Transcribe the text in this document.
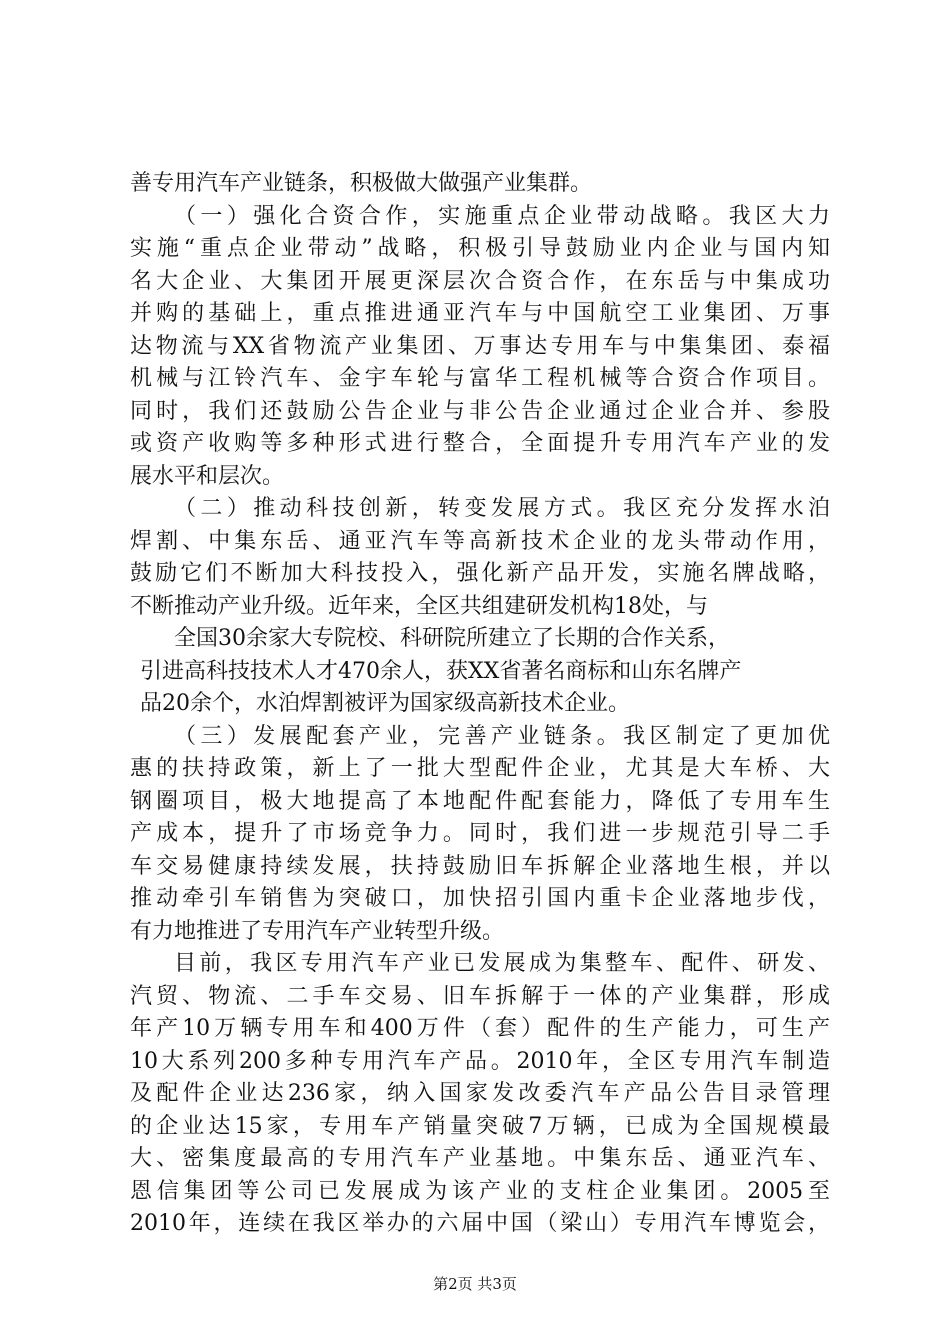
善专用汽车产业链条，积极做大做强产业集群。
（一）强化合资合作，实施重点企业带动战略。我区大力
实施“重点企业带动”战略，积极引导鼓励业内企业与国内知
名大企业、大集团开展更深层次合资合作，在东岳与中集成功
并购的基础上，重点推进通亚汽车与中国航空工业集团、万事
达物流与XX省物流产业集团、万事达专用车与中集集团、泰福
机械与江铃汽车、金宇车轮与富华工程机械等合资合作项目。
同时，我们还鼓励公告企业与非公告企业通过企业合并、参股
或资产收购等多种形式进行整合，全面提升专用汽车产业的发
展水平和层次。
（二）推动科技创新，转变发展方式。我区充分发挥水泊
焊割、中集东岳、通亚汽车等高新技术企业的龙头带动作用，
鼓励它们不断加大科技投入，强化新产品开发，实施名牌战略，
不断推动产业升级。近年来，全区共组建研发机构18处，与
全国30余家大专院校、科研院所建立了长期的合作关系，
引进高科技技术人才470余人，获XX省著名商标和山东名牌产
品20余个，水泊焊割被评为国家级高新技术企业。
（三）发展配套产业，完善产业链条。我区制定了更加优
惠的扶持政策，新上了一批大型配件企业，尤其是大车桥、大
钢圈项目，极大地提高了本地配件配套能力，降低了专用车生
产成本，提升了市场竞争力。同时，我们进一步规范引导二手
车交易健康持续发展，扶持鼓励旧车拆解企业落地生根，并以
推动牵引车销售为突破口，加快招引国内重卡企业落地步伐，
有力地推进了专用汽车产业转型升级。
目前，我区专用汽车产业已发展成为集整车、配件、研发、
汽贸、物流、二手车交易、旧车拆解于一体的产业集群，形成
年产10万辆专用车和400万件（套）配件的生产能力，可生产
10大系列200多种专用汽车产品。2010年，全区专用汽车制造
及配件企业达236家，纳入国家发改委汽车产品公告目录管理
的企业达15家，专用车产销量突破7万辆，已成为全国规模最
大、密集度最高的专用汽车产业基地。中集东岳、通亚汽车、
恩信集团等公司已发展成为该产业的支柱企业集团。2005至
2010年，连续在我区举办的六届中国（梁山）专用汽车博览会，
第2页 共3页
